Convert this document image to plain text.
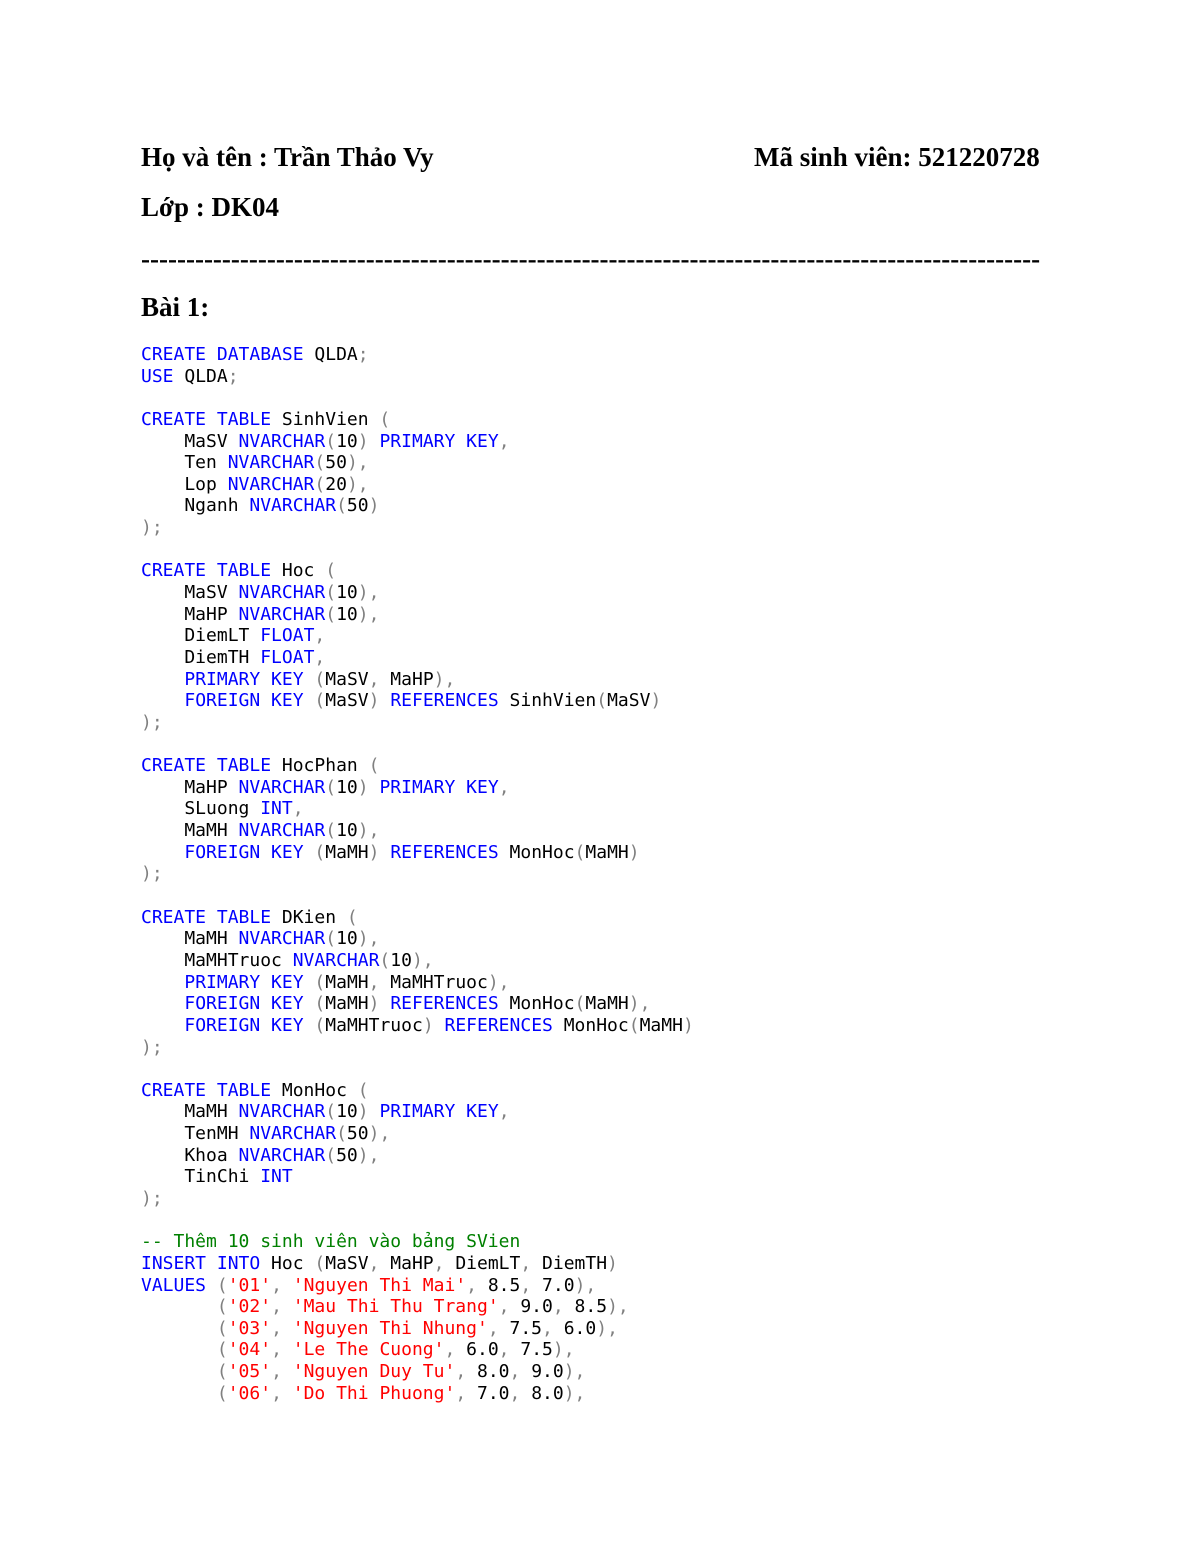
Họ và tên : Trần Thảo Vy	Mã sinh viên: 521220728
Lớp : DK04
----------------------------------------------------------------------------------------------------
Bài 1:
CREATE DATABASE QLDA;
USE QLDA;

CREATE TABLE SinhVien (
MaSV NVARCHAR(10) PRIMARY KEY,
Ten NVARCHAR(50),
Lop NVARCHAR(20),
Nganh NVARCHAR(50)
);

CREATE TABLE Hoc (
MaSV NVARCHAR(10),
MaHP NVARCHAR(10),
DiemLT FLOAT,
DiemTH FLOAT,
PRIMARY KEY (MaSV, MaHP),
FOREIGN KEY (MaSV) REFERENCES SinhVien(MaSV)
);

CREATE TABLE HocPhan (
MaHP NVARCHAR(10) PRIMARY KEY,
SLuong INT,
MaMH NVARCHAR(10),
FOREIGN KEY (MaMH) REFERENCES MonHoc(MaMH)
);

CREATE TABLE DKien (
MaMH NVARCHAR(10),
MaMHTruoc NVARCHAR(10),
PRIMARY KEY (MaMH, MaMHTruoc),
FOREIGN KEY (MaMH) REFERENCES MonHoc(MaMH),
FOREIGN KEY (MaMHTruoc) REFERENCES MonHoc(MaMH)
);

CREATE TABLE MonHoc (
MaMH NVARCHAR(10) PRIMARY KEY,
TenMH NVARCHAR(50),
Khoa NVARCHAR(50),
TinChi INT
);

-- Thêm 10 sinh viên vào bảng SVien
INSERT INTO Hoc (MaSV, MaHP, DiemLT, DiemTH)
VALUES ('01', 'Nguyen Thi Mai', 8.5, 7.0),
('02', 'Mau Thi Thu Trang', 9.0, 8.5),
('03', 'Nguyen Thi Nhung', 7.5, 6.0),
('04', 'Le The Cuong', 6.0, 7.5),
('05', 'Nguyen Duy Tu', 8.0, 9.0),
('06', 'Do Thi Phuong', 7.0, 8.0),
